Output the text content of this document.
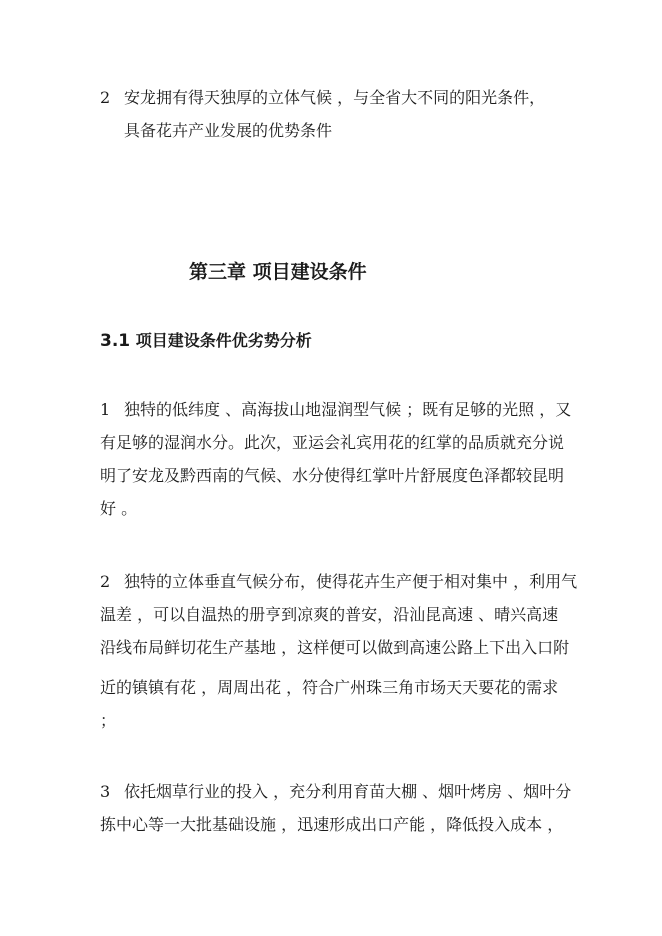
2 安龙拥有得天独厚的立体气候 ，与全省大不同的阳光条件，
具备花卉产业发展的优势条件
第三章 项目建设条件
3.1 项目建设条件优劣势分析
1 独特的低纬度 、高海拔山地湿润型气候 ；既有足够的光照 ，又
有足够的湿润水分。此次，亚运会礼宾用花的红掌的品质就充分说
明了安龙及黔西南的气候、水分使得红掌叶片舒展度色泽都较昆明
好 。
2 独特的立体垂直气候分布，使得花卉生产便于相对集中 ，利用气
温差 ，可以自温热的册亨到凉爽的普安，沿汕昆高速 、晴兴高速
沿线布局鲜切花生产基地 ，这样便可以做到高速公路上下出入口附
近的镇镇有花 ，周周出花 ，符合广州珠三角市场天天要花的需求
；
3 依托烟草行业的投入 ，充分利用育苗大棚 、烟叶烤房 、烟叶分
拣中心等一大批基础设施 ，迅速形成出口产能 ，降低投入成本 ，
